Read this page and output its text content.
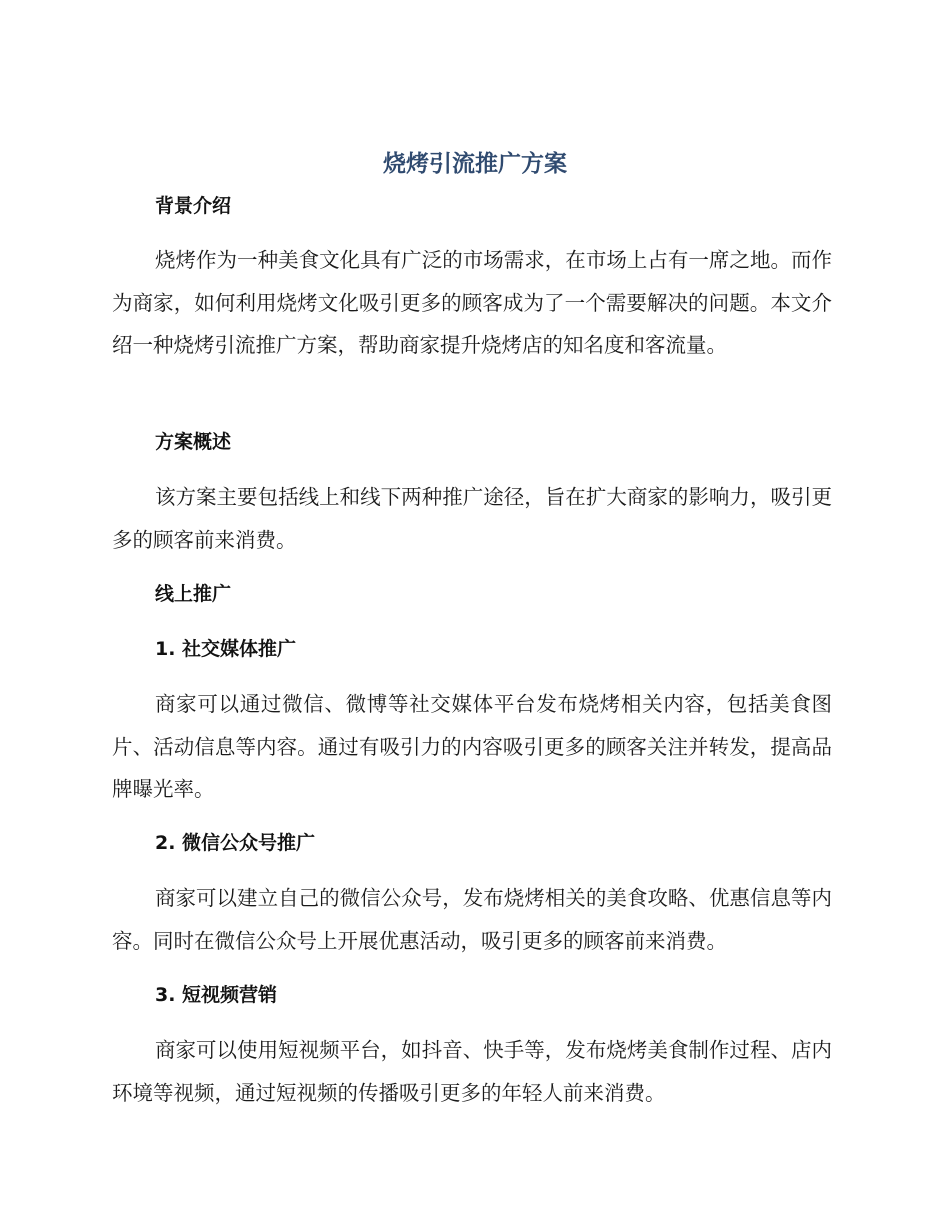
烧烤引流推广方案
背景介绍

烧烤作为一种美食文化具有广泛的市场需求，在市场上占有一席之地。而作为商家，如何利用烧烤文化吸引更多的顾客成为了一个需要解决的问题。本文介绍一种烧烤引流推广方案，帮助商家提升烧烤店的知名度和客流量。

方案概述

该方案主要包括线上和线下两种推广途径，旨在扩大商家的影响力，吸引更多的顾客前来消费。

线上推广
1. 社交媒体推广

商家可以通过微信、微博等社交媒体平台发布烧烤相关内容，包括美食图片、活动信息等内容。通过有吸引力的内容吸引更多的顾客关注并转发，提高品牌曝光率。

2. 微信公众号推广

商家可以建立自己的微信公众号，发布烧烤相关的美食攻略、优惠信息等内容。同时在微信公众号上开展优惠活动，吸引更多的顾客前来消费。

3. 短视频营销

商家可以使用短视频平台，如抖音、快手等，发布烧烤美食制作过程、店内环境等视频，通过短视频的传播吸引更多的年轻人前来消费。
